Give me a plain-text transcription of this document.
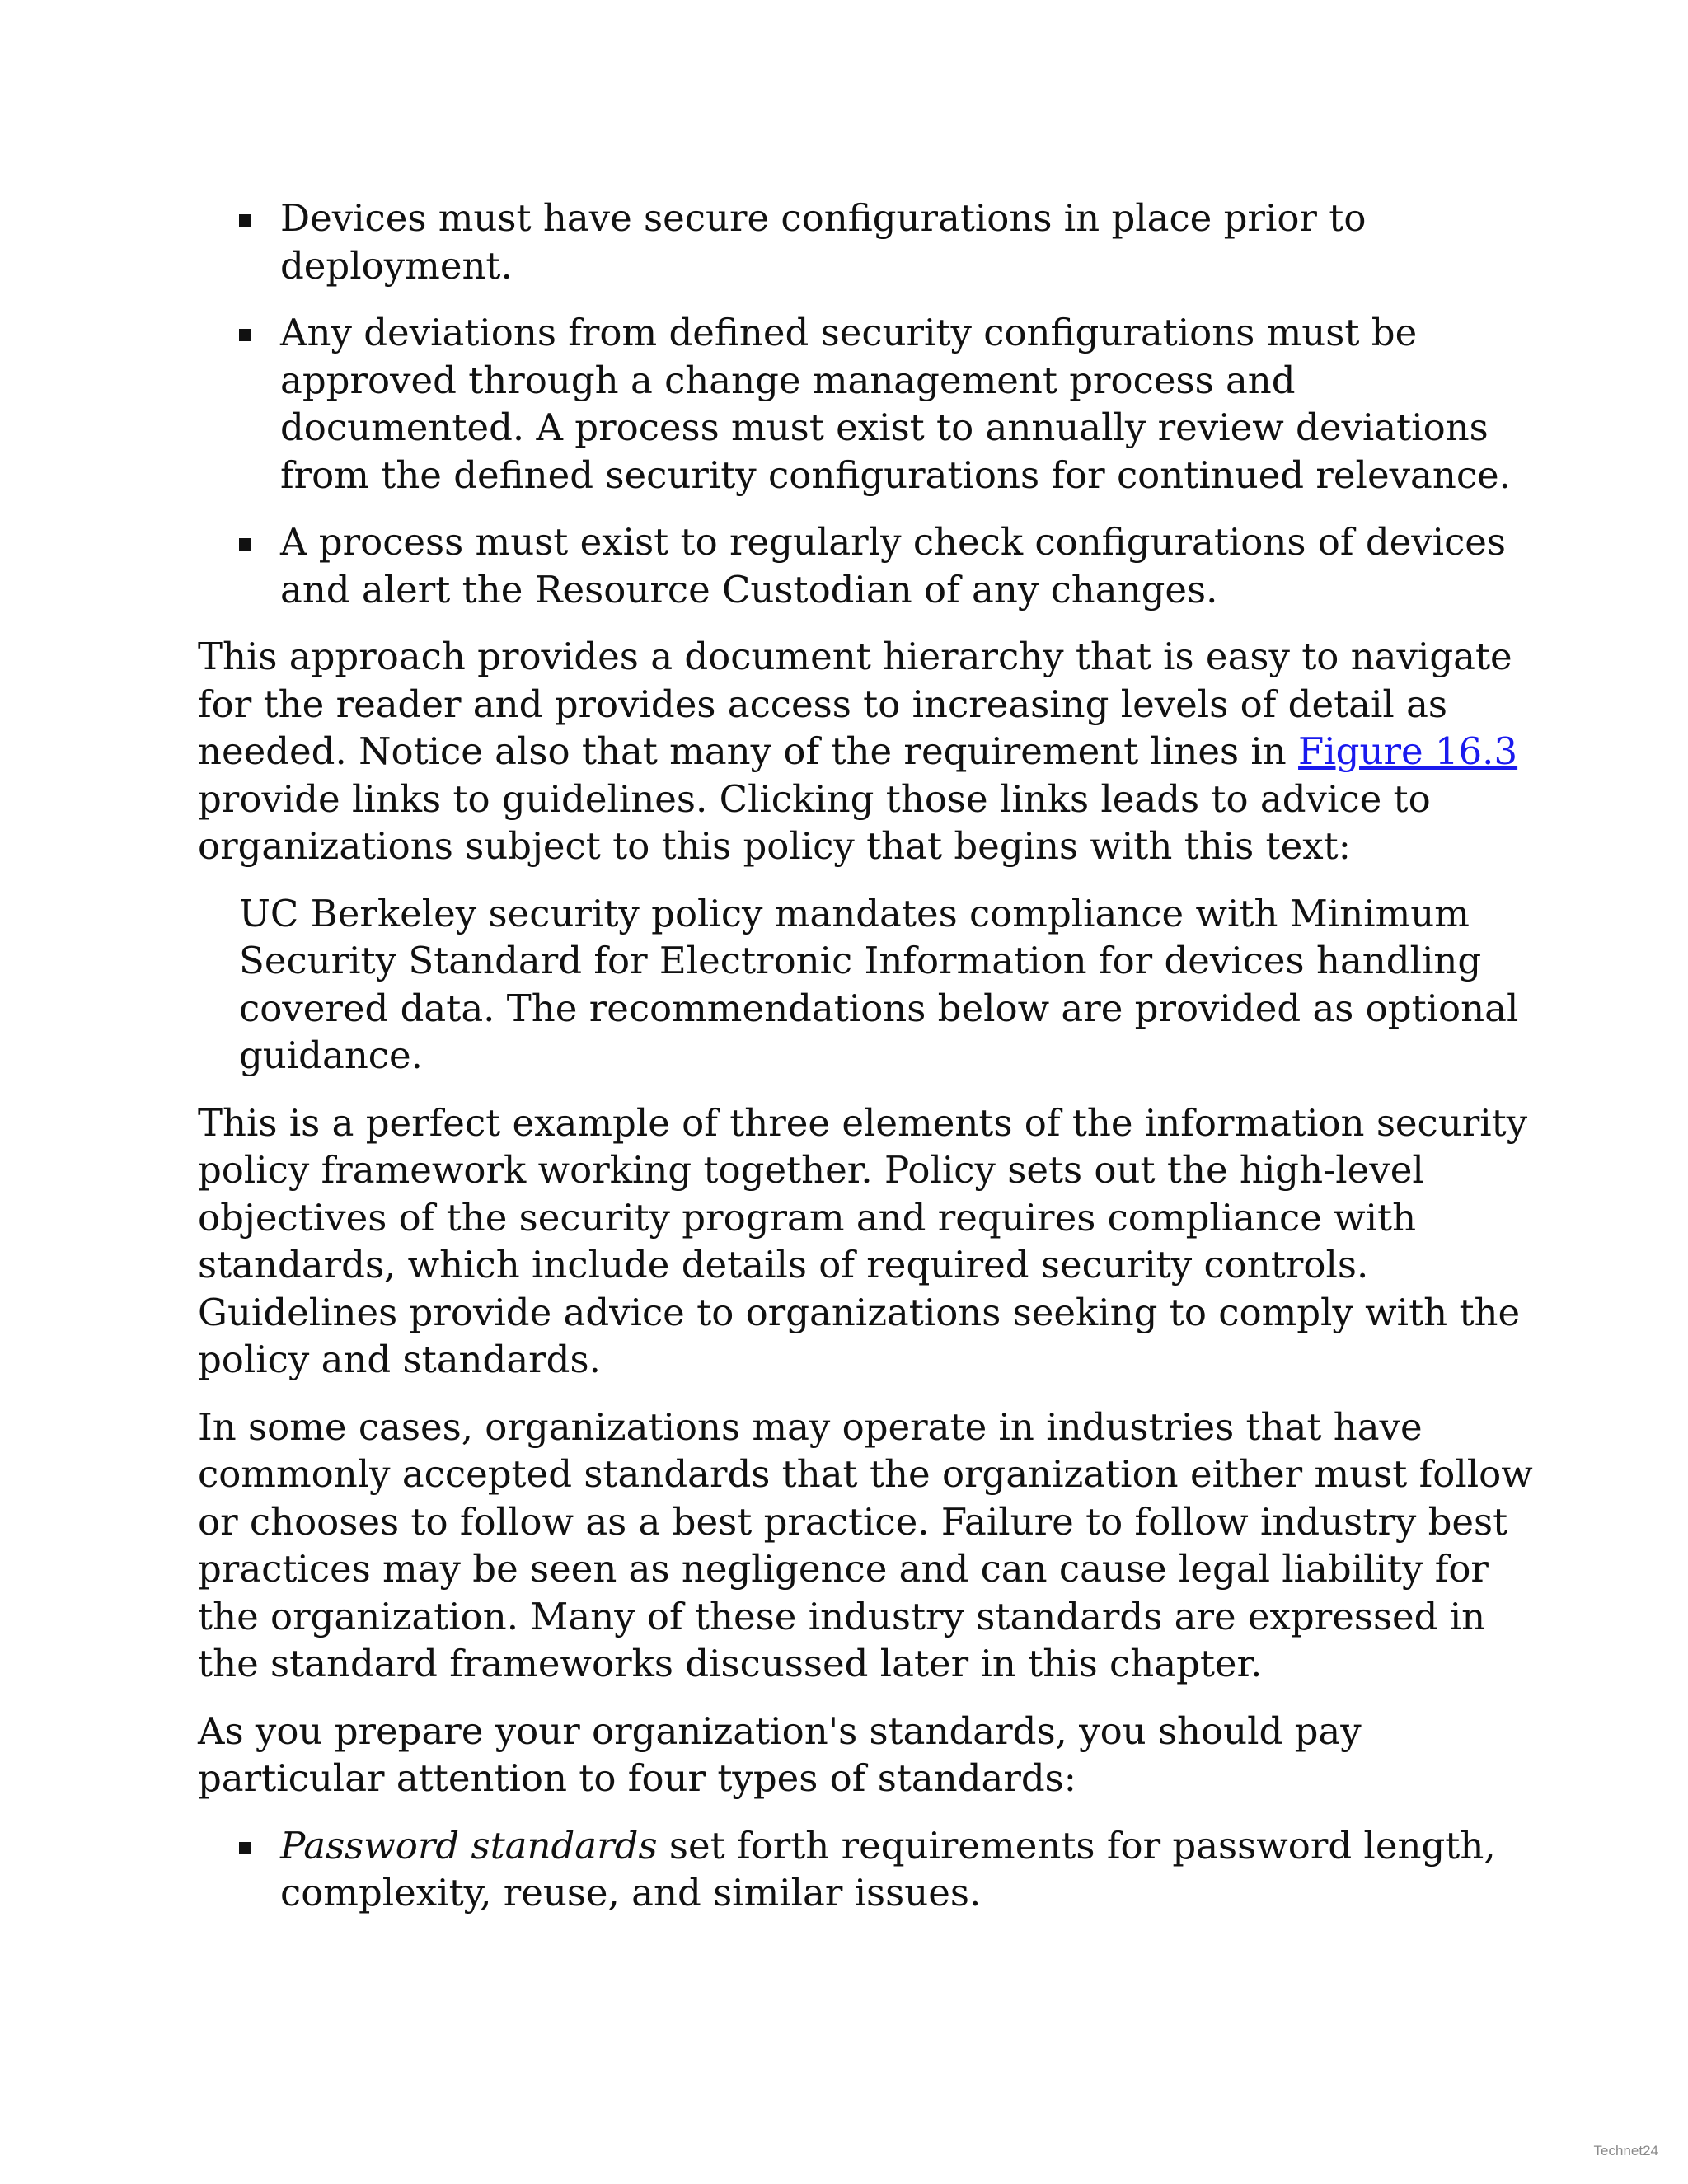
Devices must have secure configurations in place prior to deployment.
Any deviations from defined security configurations must be approved through a change management process and documented. A process must exist to annually review deviations from the defined security configurations for continued relevance.
A process must exist to regularly check configurations of devices and alert the Resource Custodian of any changes.

This approach provides a document hierarchy that is easy to navigate for the reader and provides access to increasing levels of detail as needed. Notice also that many of the requirement lines in Figure 16.3 provide links to guidelines. Clicking those links leads to advice to organizations subject to this policy that begins with this text:

UC Berkeley security policy mandates compliance with Minimum Security Standard for Electronic Information for devices handling covered data. The recommendations below are provided as optional guidance.

This is a perfect example of three elements of the information security policy framework working together. Policy sets out the high-level objectives of the security program and requires compliance with standards, which include details of required security controls. Guidelines provide advice to organizations seeking to comply with the policy and standards.

In some cases, organizations may operate in industries that have commonly accepted standards that the organization either must follow or chooses to follow as a best practice. Failure to follow industry best practices may be seen as negligence and can cause legal liability for the organization. Many of these industry standards are expressed in the standard frameworks discussed later in this chapter.

As you prepare your organization's standards, you should pay particular attention to four types of standards:

Password standards set forth requirements for password length, complexity, reuse, and similar issues.
Technet24
